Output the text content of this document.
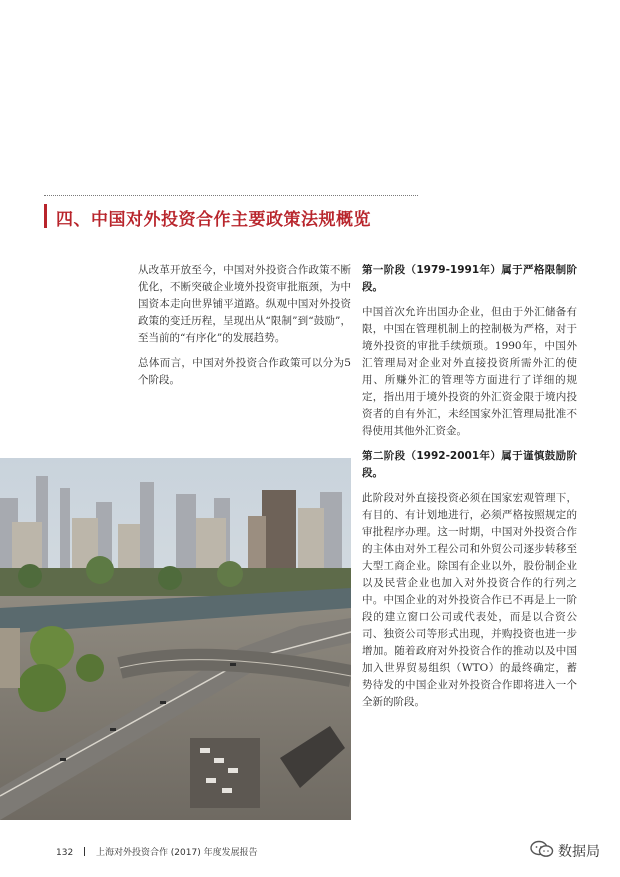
四、中国对外投资合作主要政策法规概览

从改革开放至今，中国对外投资合作政策不断优化，不断突破企业境外投资审批瓶颈，为中国资本走向世界铺平道路。纵观中国对外投资政策的变迁历程，呈现出从“限制”到“鼓励”，至当前的“有序化”的发展趋势。

总体而言，中国对外投资合作政策可以分为5个阶段。

第一阶段（1979-1991年）属于严格限制阶段。

中国首次允许出国办企业，但由于外汇储备有限，中国在管理机制上的控制极为严格，对于境外投资的审批手续烦琐。1990年，中国外汇管理局对企业对外直接投资所需外汇的使用、所赚外汇的管理等方面进行了详细的规定，指出用于境外投资的外汇资金限于境内投资者的自有外汇，未经国家外汇管理局批准不得使用其他外汇资金。

第二阶段（1992-2001年）属于谨慎鼓励阶段。

此阶段对外直接投资必须在国家宏观管理下，有目的、有计划地进行，必须严格按照规定的审批程序办理。这一时期，中国对外投资合作的主体由对外工程公司和外贸公司逐步转移至大型工商企业。除国有企业以外，股份制企业以及民营企业也加入对外投资合作的行列之中。中国企业的对外投资合作已不再是上一阶段的建立窗口公司或代表处，而是以合资公司、独资公司等形式出现，并购投资也进一步增加。随着政府对外投资合作的推动以及中国加入世界贸易组织（WTO）的最终确定，蓄势待发的中国企业对外投资合作即将进入一个全新的阶段。

132	上海对外投资合作 (2017) 年度发展报告	数据局
